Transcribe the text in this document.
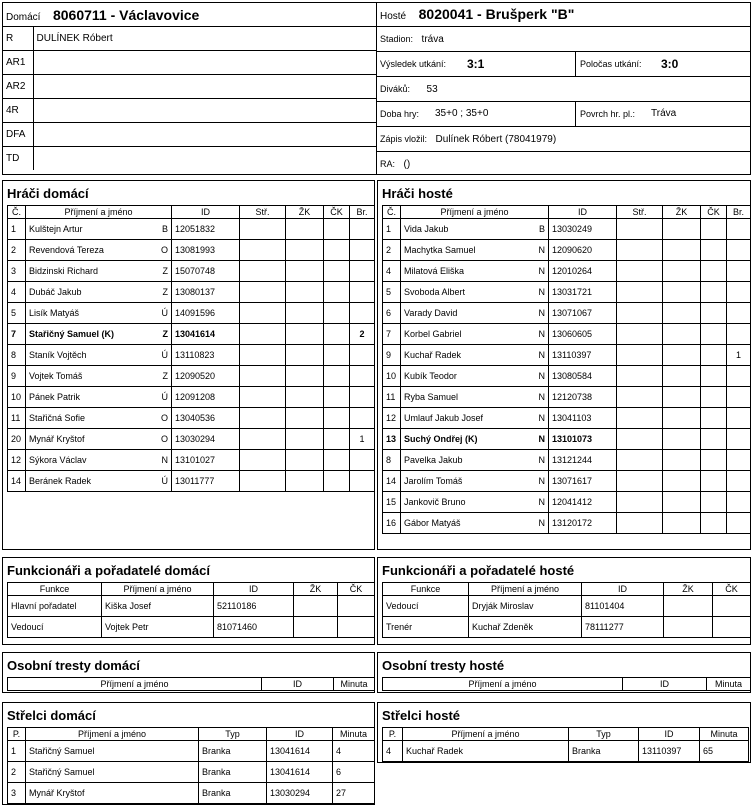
Domácí 8060711 - Václavovice	
R	DULÍNEK Róbert

AR1	

AR2	

4R	

DFA	

TD	
Hosté 8020041 - Brušperk "B"
Stadion: tráva
Výsledek utkání: 3:1	Poločas utkání: 3:0
Diváků: 53
Doba hry: 35+0 ; 35+0	Povrch hr. pl.: Tráva
Zápis vložil: Dulínek Róbert (78041979)
RA: ()
Hráči domácí
Č.	Příjmení a jméno	ID	Stř.	ŽK	ČK	Br.
1	Kulštejn Artur B	12051832				
2	Revendová Tereza O	13081993				
3	Bidzinski Richard Z	15070748				
4	Dubáč Jakub Z	13080137				
5	Lisík Matyáš Ú	14091596				
7	Stařičný Samuel (K) Z	13041614				2
8	Staník Vojtěch Ú	13110823				
9	Vojtek Tomáš Z	12090520				
10	Pánek Patrik Ú	12091208				
11	Stařičná Sofie O	13040536				
20	Mynář Kryštof O	13030294				1
12	Sýkora Václav N	13101027				
14	Beránek Radek Ú	13011777				
Hráči hosté
Č.	Příjmení a jméno	ID	Stř.	ŽK	ČK	Br.
1	Vida Jakub B	13030249				
2	Machytka Samuel N	12090620				
4	Milatová Eliška N	12010264				
5	Svoboda Albert N	13031721				
6	Varady David N	13071067				
7	Korbel Gabriel N	13060605				
9	Kuchař Radek N	13110397				1
10	Kubík Teodor N	13080584				
11	Ryba Samuel N	12120738				
12	Umlauf Jakub Josef N	13041103				
13	Suchý Ondřej (K) N	13101073				
8	Pavelka Jakub N	13121244				
14	Jarolím Tomáš N	13071617				
15	Jankovič Bruno N	12041412				
16	Gábor Matyáš N	13120172				
Funkcionáři a pořadatelé domácí
Funkce	Příjmení a jméno	ID	ŽK	ČK
Hlavní pořadatel	Kiška Josef	52110186		
Vedoucí	Vojtek Petr	81071460		
Funkcionáři a pořadatelé hosté
Funkce	Příjmení a jméno	ID	ŽK	ČK
Vedoucí	Dryják Miroslav	81101404		
Trenér	Kuchař Zdeněk	78111277		
Osobní tresty domácí
Příjmení a jméno	ID	Minuta
Osobní tresty hosté
Příjmení a jméno	ID	Minuta
Střelci domácí
P.	Příjmení a jméno	Typ	ID	Minuta
1	Stařičný Samuel	Branka	13041614	4
2	Stařičný Samuel	Branka	13041614	6
3	Mynář Kryštof	Branka	13030294	27
Střelci hosté
P.	Příjmení a jméno	Typ	ID	Minuta
4	Kuchař Radek	Branka	13110397	65
